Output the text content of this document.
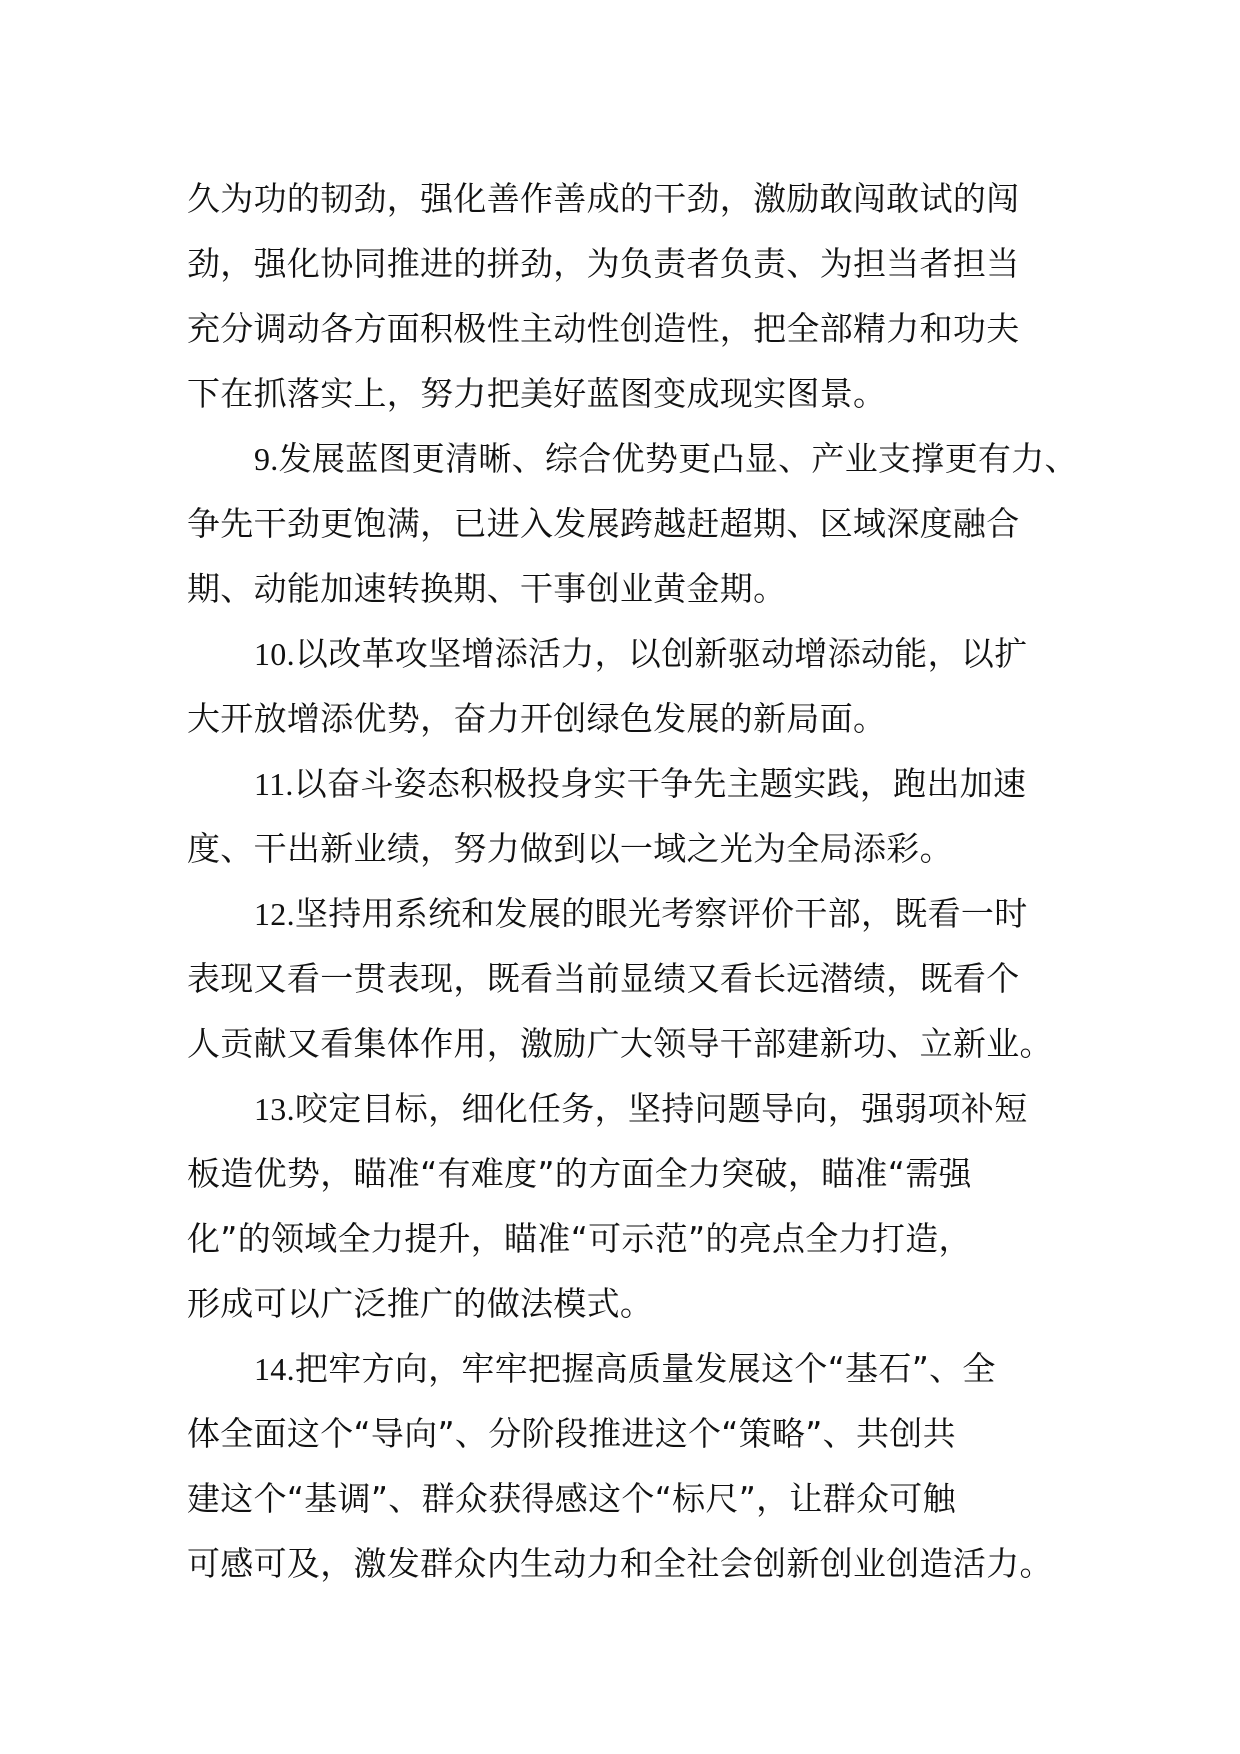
久为功的韧劲，强化善作善成的干劲，激励敢闯敢试的闯
劲，强化协同推进的拼劲，为负责者负责、为担当者担当
充分调动各方面积极性主动性创造性，把全部精力和功夫
下在抓落实上，努力把美好蓝图变成现实图景。
9.发展蓝图更清晰、综合优势更凸显、产业支撑更有力、
争先干劲更饱满，已进入发展跨越赶超期、区域深度融合
期、动能加速转换期、干事创业黄金期。
10.以改革攻坚增添活力，以创新驱动增添动能，以扩
大开放增添优势，奋力开创绿色发展的新局面。
11.以奋斗姿态积极投身实干争先主题实践，跑出加速
度、干出新业绩，努力做到以一域之光为全局添彩。
12.坚持用系统和发展的眼光考察评价干部，既看一时
表现又看一贯表现，既看当前显绩又看长远潜绩，既看个
人贡献又看集体作用，激励广大领导干部建新功、立新业。
13.咬定目标，细化任务，坚持问题导向，强弱项补短
板造优势，瞄准“有难度”的方面全力突破，瞄准“需强
化”的领域全力提升，瞄准“可示范”的亮点全力打造，
形成可以广泛推广的做法模式。
14.把牢方向，牢牢把握高质量发展这个“基石”、全
体全面这个“导向”、分阶段推进这个“策略”、共创共
建这个“基调”、群众获得感这个“标尺”，让群众可触
可感可及，激发群众内生动力和全社会创新创业创造活力。
